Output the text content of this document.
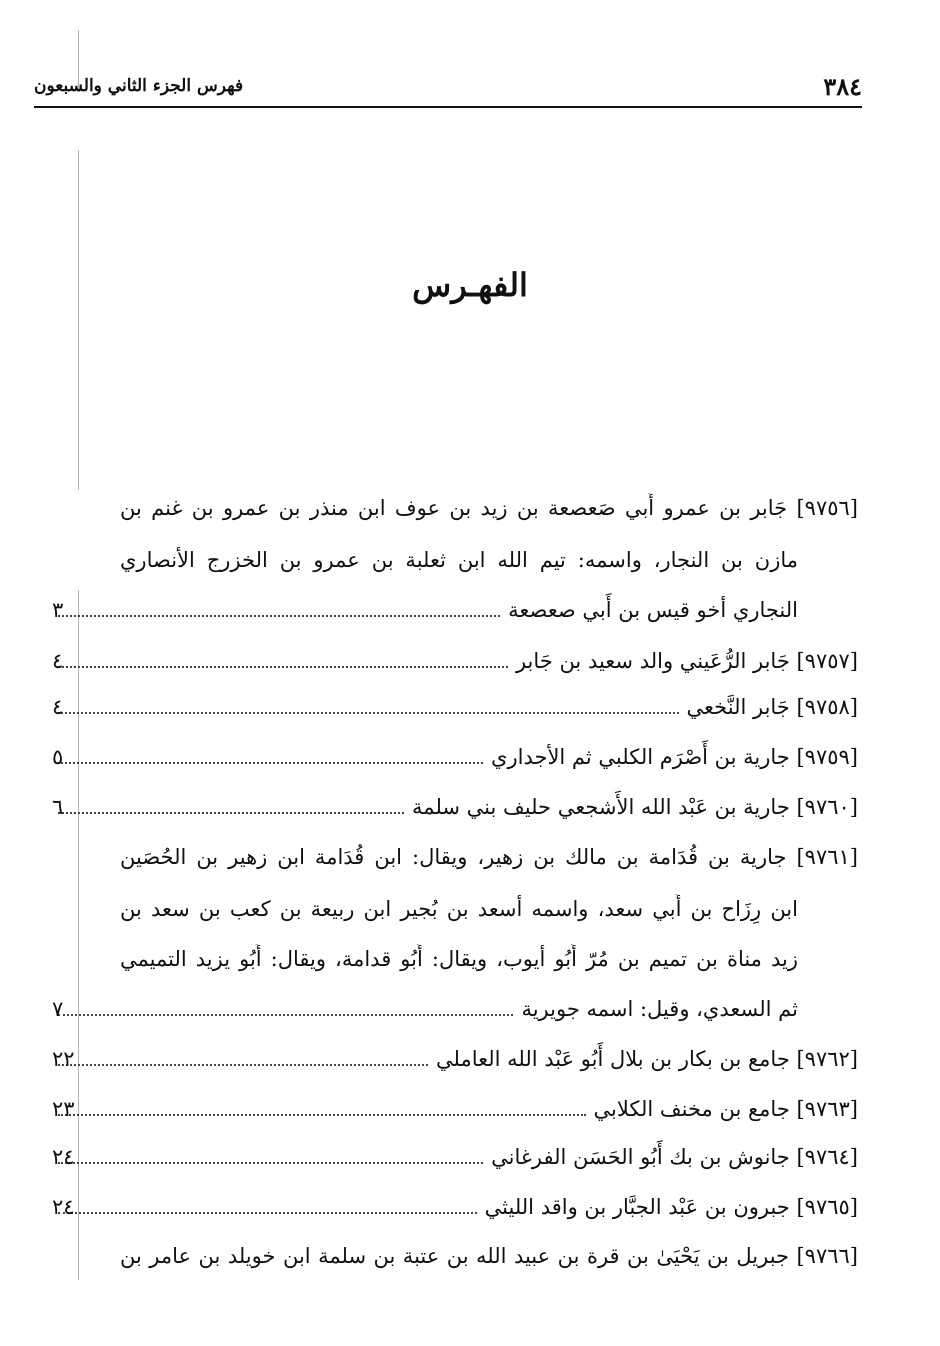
٣٨٤
فهرس الجزء الثاني والسبعون
الفهـرس
[٩٧٥٦] جَابر بن عمرو أَبي صَعصعة بن زيد بن عوف ابن منذر بن عمرو بن غنم بن
مازن بن النجار، واسمه: تيم الله ابن ثعلبة بن عمرو بن الخزرج الأنصاري
النجاري أخو قيس بن أَبي صعصعة
٣
[٩٧٥٧] جَابر الرُّعَيني والد سعيد بن جَابر
٤
[٩٧٥٨] جَابر النَّخعي
٤
[٩٧٥٩] جارية بن أَصْرَم الكلبي ثم الأجداري
٥
[٩٧٦٠] جارية بن عَبْد الله الأَشجعي حليف بني سلمة
٦
[٩٧٦١] جارية بن قُدَامة بن مالك بن زهير، ويقال: ابن قُدَامة ابن زهير بن الحُصَين
ابن رِزَاح بن أَبي سعد، واسمه أسعد بن بُجير ابن ربيعة بن كعب بن سعد بن
زيد مناة بن تميم بن مُرّ أَبُو أيوب، ويقال: أَبُو قدامة، ويقال: أَبُو يزيد التميمي
ثم السعدي، وقيل: اسمه جويرية
٧
[٩٧٦٢] جامع بن بكار بن بلال أَبُو عَبْد الله العاملي
٢٢
[٩٧٦٣] جامع بن مخنف الكلابي
٢٣
[٩٧٦٤] جانوش بن بك أَبُو الحَسَن الفرغاني
٢٤
[٩٧٦٥] جبرون بن عَبْد الجبَّار بن واقد الليثي
٢٤
[٩٧٦٦] جبريل بن يَحْيَىٰ بن قرة بن عبيد الله بن عتبة بن سلمة ابن خويلد بن عامر بن
